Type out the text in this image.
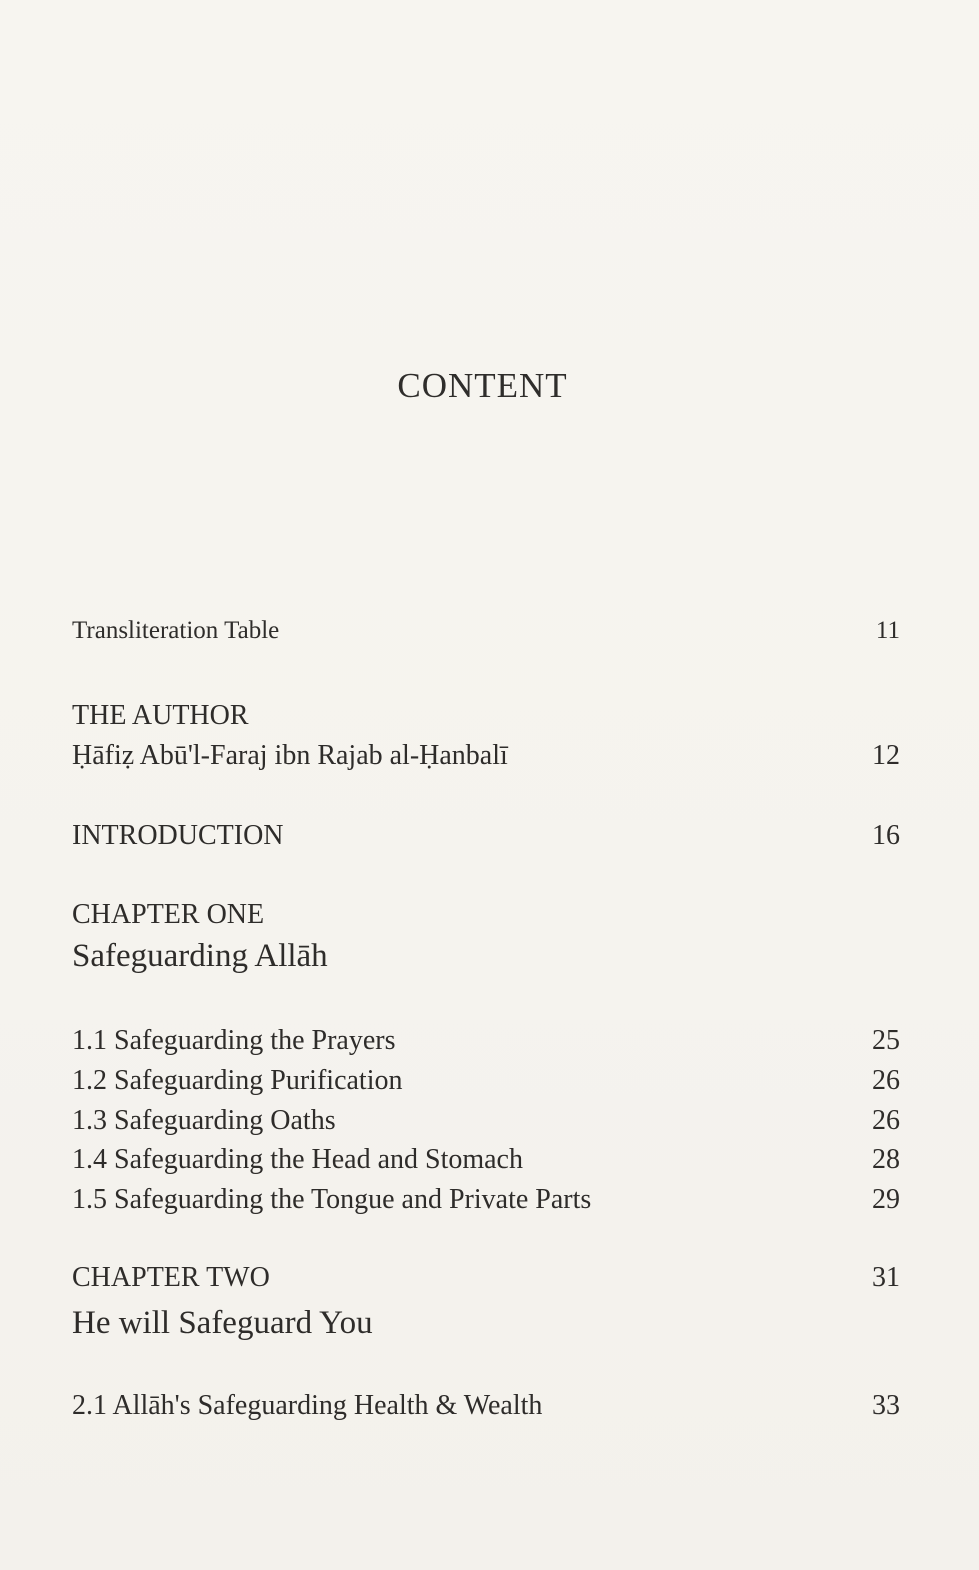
CONTENT
Transliteration Table	11
THE AUTHOR
Ḥāfiẓ Abū'l-Faraj ibn Rajab al-Ḥanbalī	12
INTRODUCTION	16
CHAPTER ONE
Safeguarding Allāh
1.1 Safeguarding the Prayers	25
1.2 Safeguarding Purification	26
1.3 Safeguarding Oaths	26
1.4 Safeguarding the Head and Stomach	28
1.5 Safeguarding the Tongue and Private Parts	29
CHAPTER TWO	31
He will Safeguard You
2.1 Allāh's Safeguarding Health & Wealth	33
